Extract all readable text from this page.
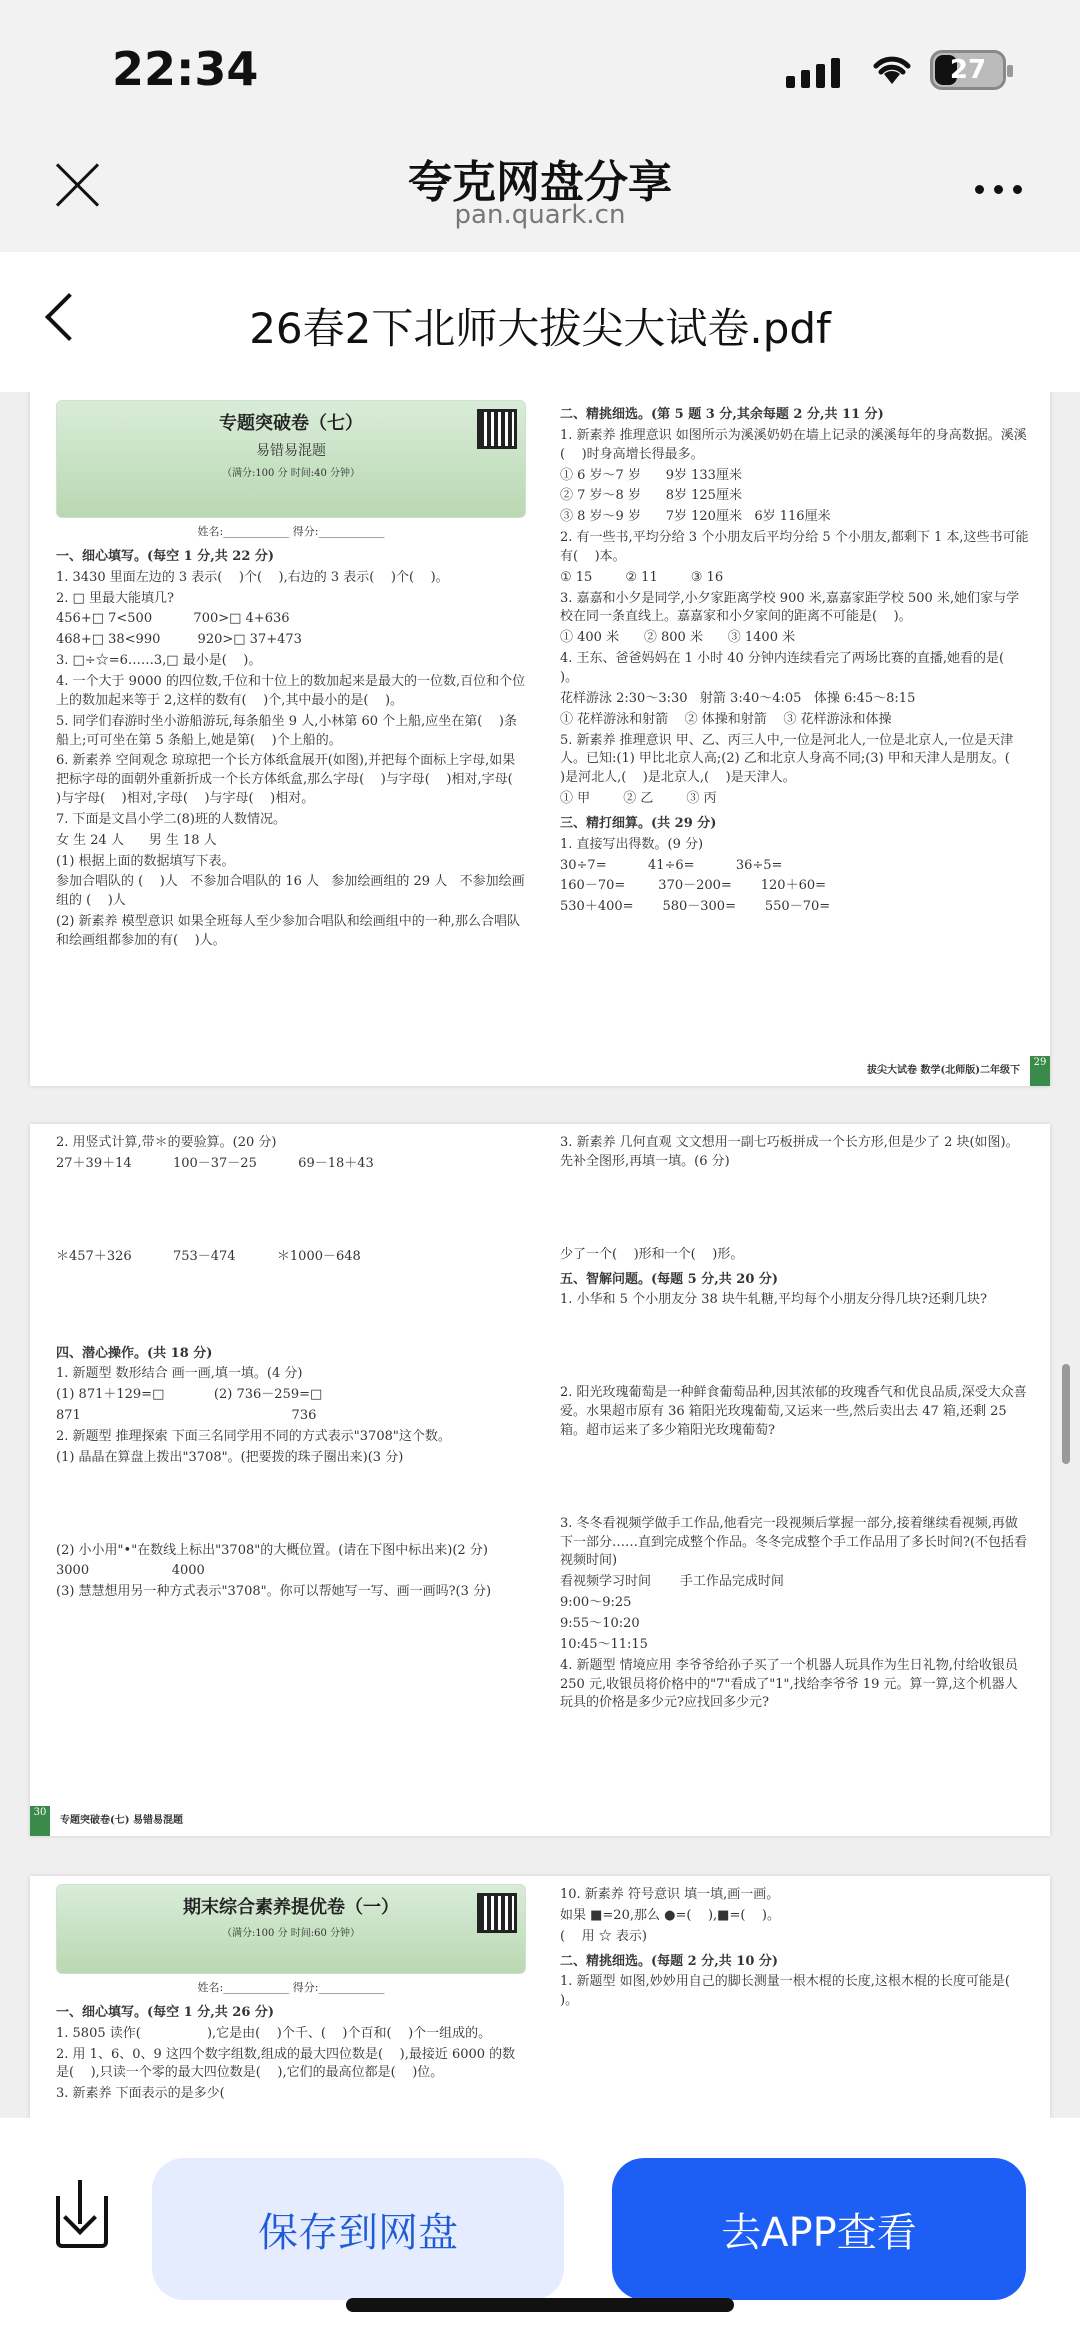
22:34	27
夸克网盘分享
pan.quark.cn
26春2下北师大拔尖大试卷.pdf
专题突破卷（七）
易错易混题
（满分:100 分 时间:40 分钟）
姓名:____________ 得分:____________
一、细心填写。(每空 1 分,共 22 分)
1. 3430 里面左边的 3 表示(    )个(    ),右边的 3 表示(    )个(    )。
2. □ 里最大能填几?
456+□ 7<500          700>□ 4+636
468+□ 38<990         920>□ 37+473
3. □÷☆=6……3,□ 最小是(    )。
4. 一个大于 9000 的四位数,千位和十位上的数加起来是最大的一位数,百位和个位上的数加起来等于 2,这样的数有(    )个,其中最小的是(    )。
5. 同学们春游时坐小游船游玩,每条船坐 9 人,小林第 60 个上船,应坐在第(    )条船上;可可坐在第 5 条船上,她是第(    )个上船的。
6. 新素养 空间观念 琼琼把一个长方体纸盒展开(如图),并把每个面标上字母,如果把标字母的面朝外重新折成一个长方体纸盒,那么字母(    )与字母(    )相对,字母(    )与字母(    )相对,字母(    )与字母(    )相对。
7. 下面是文昌小学二(8)班的人数情况。
女 生 24 人      男 生 18 人
(1) 根据上面的数据填写下表。
参加合唱队的 (    )人   不参加合唱队的 16 人   参加绘画组的 29 人   不参加绘画组的 (    )人
(2) 新素养 模型意识 如果全班每人至少参加合唱队和绘画组中的一种,那么合唱队和绘画组都参加的有(    )人。
二、精挑细选。(第 5 题 3 分,其余每题 2 分,共 11 分)
1. 新素养 推理意识 如图所示为溪溪奶奶在墙上记录的溪溪每年的身高数据。溪溪(    )时身高增长得最多。
① 6 岁～7 岁      9岁 133厘米
② 7 岁～8 岁      8岁 125厘米
③ 8 岁～9 岁      7岁 120厘米   6岁 116厘米
2. 有一些书,平均分给 3 个小朋友后平均分给 5 个小朋友,都剩下 1 本,这些书可能有(    )本。
① 15        ② 11        ③ 16
3. 嘉嘉和小夕是同学,小夕家距离学校 900 米,嘉嘉家距学校 500 米,她们家与学校在同一条直线上。嘉嘉家和小夕家间的距离不可能是(    )。
① 400 米      ② 800 米      ③ 1400 米
4. 王东、爸爸妈妈在 1 小时 40 分钟内连续看完了两场比赛的直播,她看的是(    )。
花样游泳 2:30～3:30   射箭 3:40～4:05   体操 6:45～8:15
① 花样游泳和射箭    ② 体操和射箭    ③ 花样游泳和体操
5. 新素养 推理意识 甲、乙、丙三人中,一位是河北人,一位是北京人,一位是天津人。已知:(1) 甲比北京人高;(2) 乙和北京人身高不同;(3) 甲和天津人是朋友。(    )是河北人,(    )是北京人,(    )是天津人。
① 甲        ② 乙        ③ 丙
三、精打细算。(共 29 分)
1. 直接写出得数。(9 分)
30÷7=          41÷6=          36÷5=
160－70=        370－200=       120＋60=
530＋400=       580－300=       550－70=
拔尖大试卷 数学(北师版)二年级下
29
2. 用竖式计算,带＊的要验算。(20 分)
27＋39＋14          100－37－25          69－18＋43
＊457＋326          753－474          ＊1000－648
四、潜心操作。(共 18 分)
1. 新题型 数形结合 画一画,填一填。(4 分)
(1) 871＋129=□            (2) 736－259=□
871                                                   736
2. 新题型 推理探索 下面三名同学用不同的方式表示"3708"这个数。
(1) 晶晶在算盘上拨出"3708"。(把要拨的珠子圈出来)(3 分)
(2) 小小用"•"在数线上标出"3708"的大概位置。(请在下图中标出来)(2 分)
3000                    4000
(3) 慧慧想用另一种方式表示"3708"。你可以帮她写一写、画一画吗?(3 分)
3. 新素养 几何直观 文文想用一副七巧板拼成一个长方形,但是少了 2 块(如图)。先补全图形,再填一填。(6 分)
少了一个(    )形和一个(    )形。
五、智解问题。(每题 5 分,共 20 分)
1. 小华和 5 个小朋友分 38 块牛轧糖,平均每个小朋友分得几块?还剩几块?
2. 阳光玫瑰葡萄是一种鲜食葡萄品种,因其浓郁的玫瑰香气和优良品质,深受大众喜爱。水果超市原有 36 箱阳光玫瑰葡萄,又运来一些,然后卖出去 47 箱,还剩 25 箱。超市运来了多少箱阳光玫瑰葡萄?
3. 冬冬看视频学做手工作品,他看完一段视频后掌握一部分,接着继续看视频,再做下一部分……直到完成整个作品。冬冬完成整个手工作品用了多长时间?(不包括看视频时间)
看视频学习时间       手工作品完成时间
9:00～9:25
9:55～10:20
10:45～11:15
4. 新题型 情境应用 李爷爷给孙子买了一个机器人玩具作为生日礼物,付给收银员 250 元,收银员将价格中的"7"看成了"1",找给李爷爷 19 元。算一算,这个机器人玩具的价格是多少元?应找回多少元?
30
专题突破卷(七) 易错易混题
期末综合素养提优卷（一）
（满分:100 分 时间:60 分钟）
姓名:____________ 得分:____________
一、细心填写。(每空 1 分,共 26 分)
1. 5805 读作(                ),它是由(    )个千、(    )个百和(    )个一组成的。
2. 用 1、6、0、9 这四个数字组数,组成的最大四位数是(    ),最接近 6000 的数是(    ),只读一个零的最大四位数是(    ),它们的最高位都是(    )位。
3. 新素养 下面表示的是多少(
10. 新素养 符号意识 填一填,画一画。
如果 ■=20,那么 ●=(    ),■=(    )。
(    用 ☆ 表示)
二、精挑细选。(每题 2 分,共 10 分)
1. 新题型 如图,妙妙用自己的脚长测量一根木棍的长度,这根木棍的长度可能是(    )。
保存到网盘	去APP查看
